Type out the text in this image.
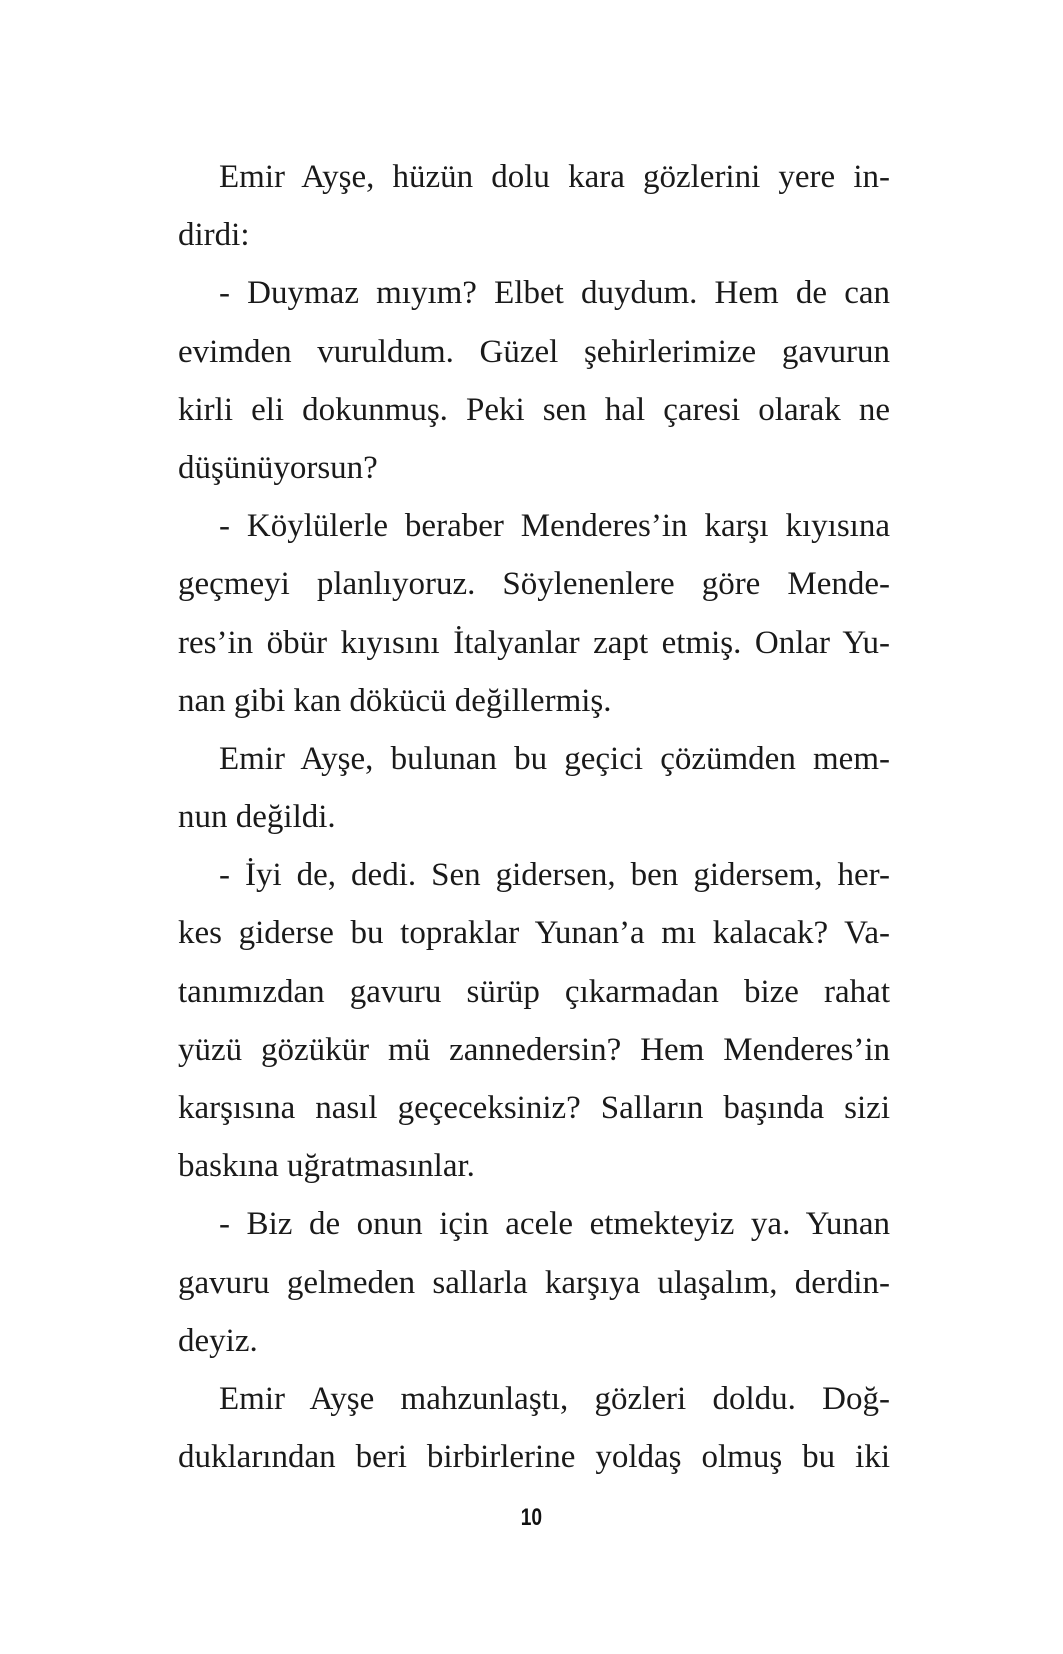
Emir Ayşe, hüzün dolu kara gözlerini yere in-
dirdi:

- Duymaz mıyım? Elbet duydum. Hem de can
evimden vuruldum. Güzel şehirlerimize gavurun
kirli eli dokunmuş. Peki sen hal çaresi olarak ne
düşünüyorsun?

- Köylülerle beraber Menderes’in karşı kıyısına
geçmeyi planlıyoruz. Söylenenlere göre Mende-
res’in öbür kıyısını İtalyanlar zapt etmiş. Onlar Yu-
nan gibi kan dökücü değillermiş.

Emir Ayşe, bulunan bu geçici çözümden mem-
nun değildi.

- İyi de, dedi. Sen gidersen, ben gidersem, her-
kes giderse bu topraklar Yunan’a mı kalacak? Va-
tanımızdan gavuru sürüp çıkarmadan bize rahat
yüzü gözükür mü zannedersin? Hem Menderes’in
karşısına nasıl geçeceksiniz? Salların başında sizi
baskına uğratmasınlar.

- Biz de onun için acele etmekteyiz ya. Yunan
gavuru gelmeden sallarla karşıya ulaşalım, derdin-
deyiz.

Emir Ayşe mahzunlaştı, gözleri doldu. Doğ-
duklarından beri birbirlerine yoldaş olmuş bu iki

10
